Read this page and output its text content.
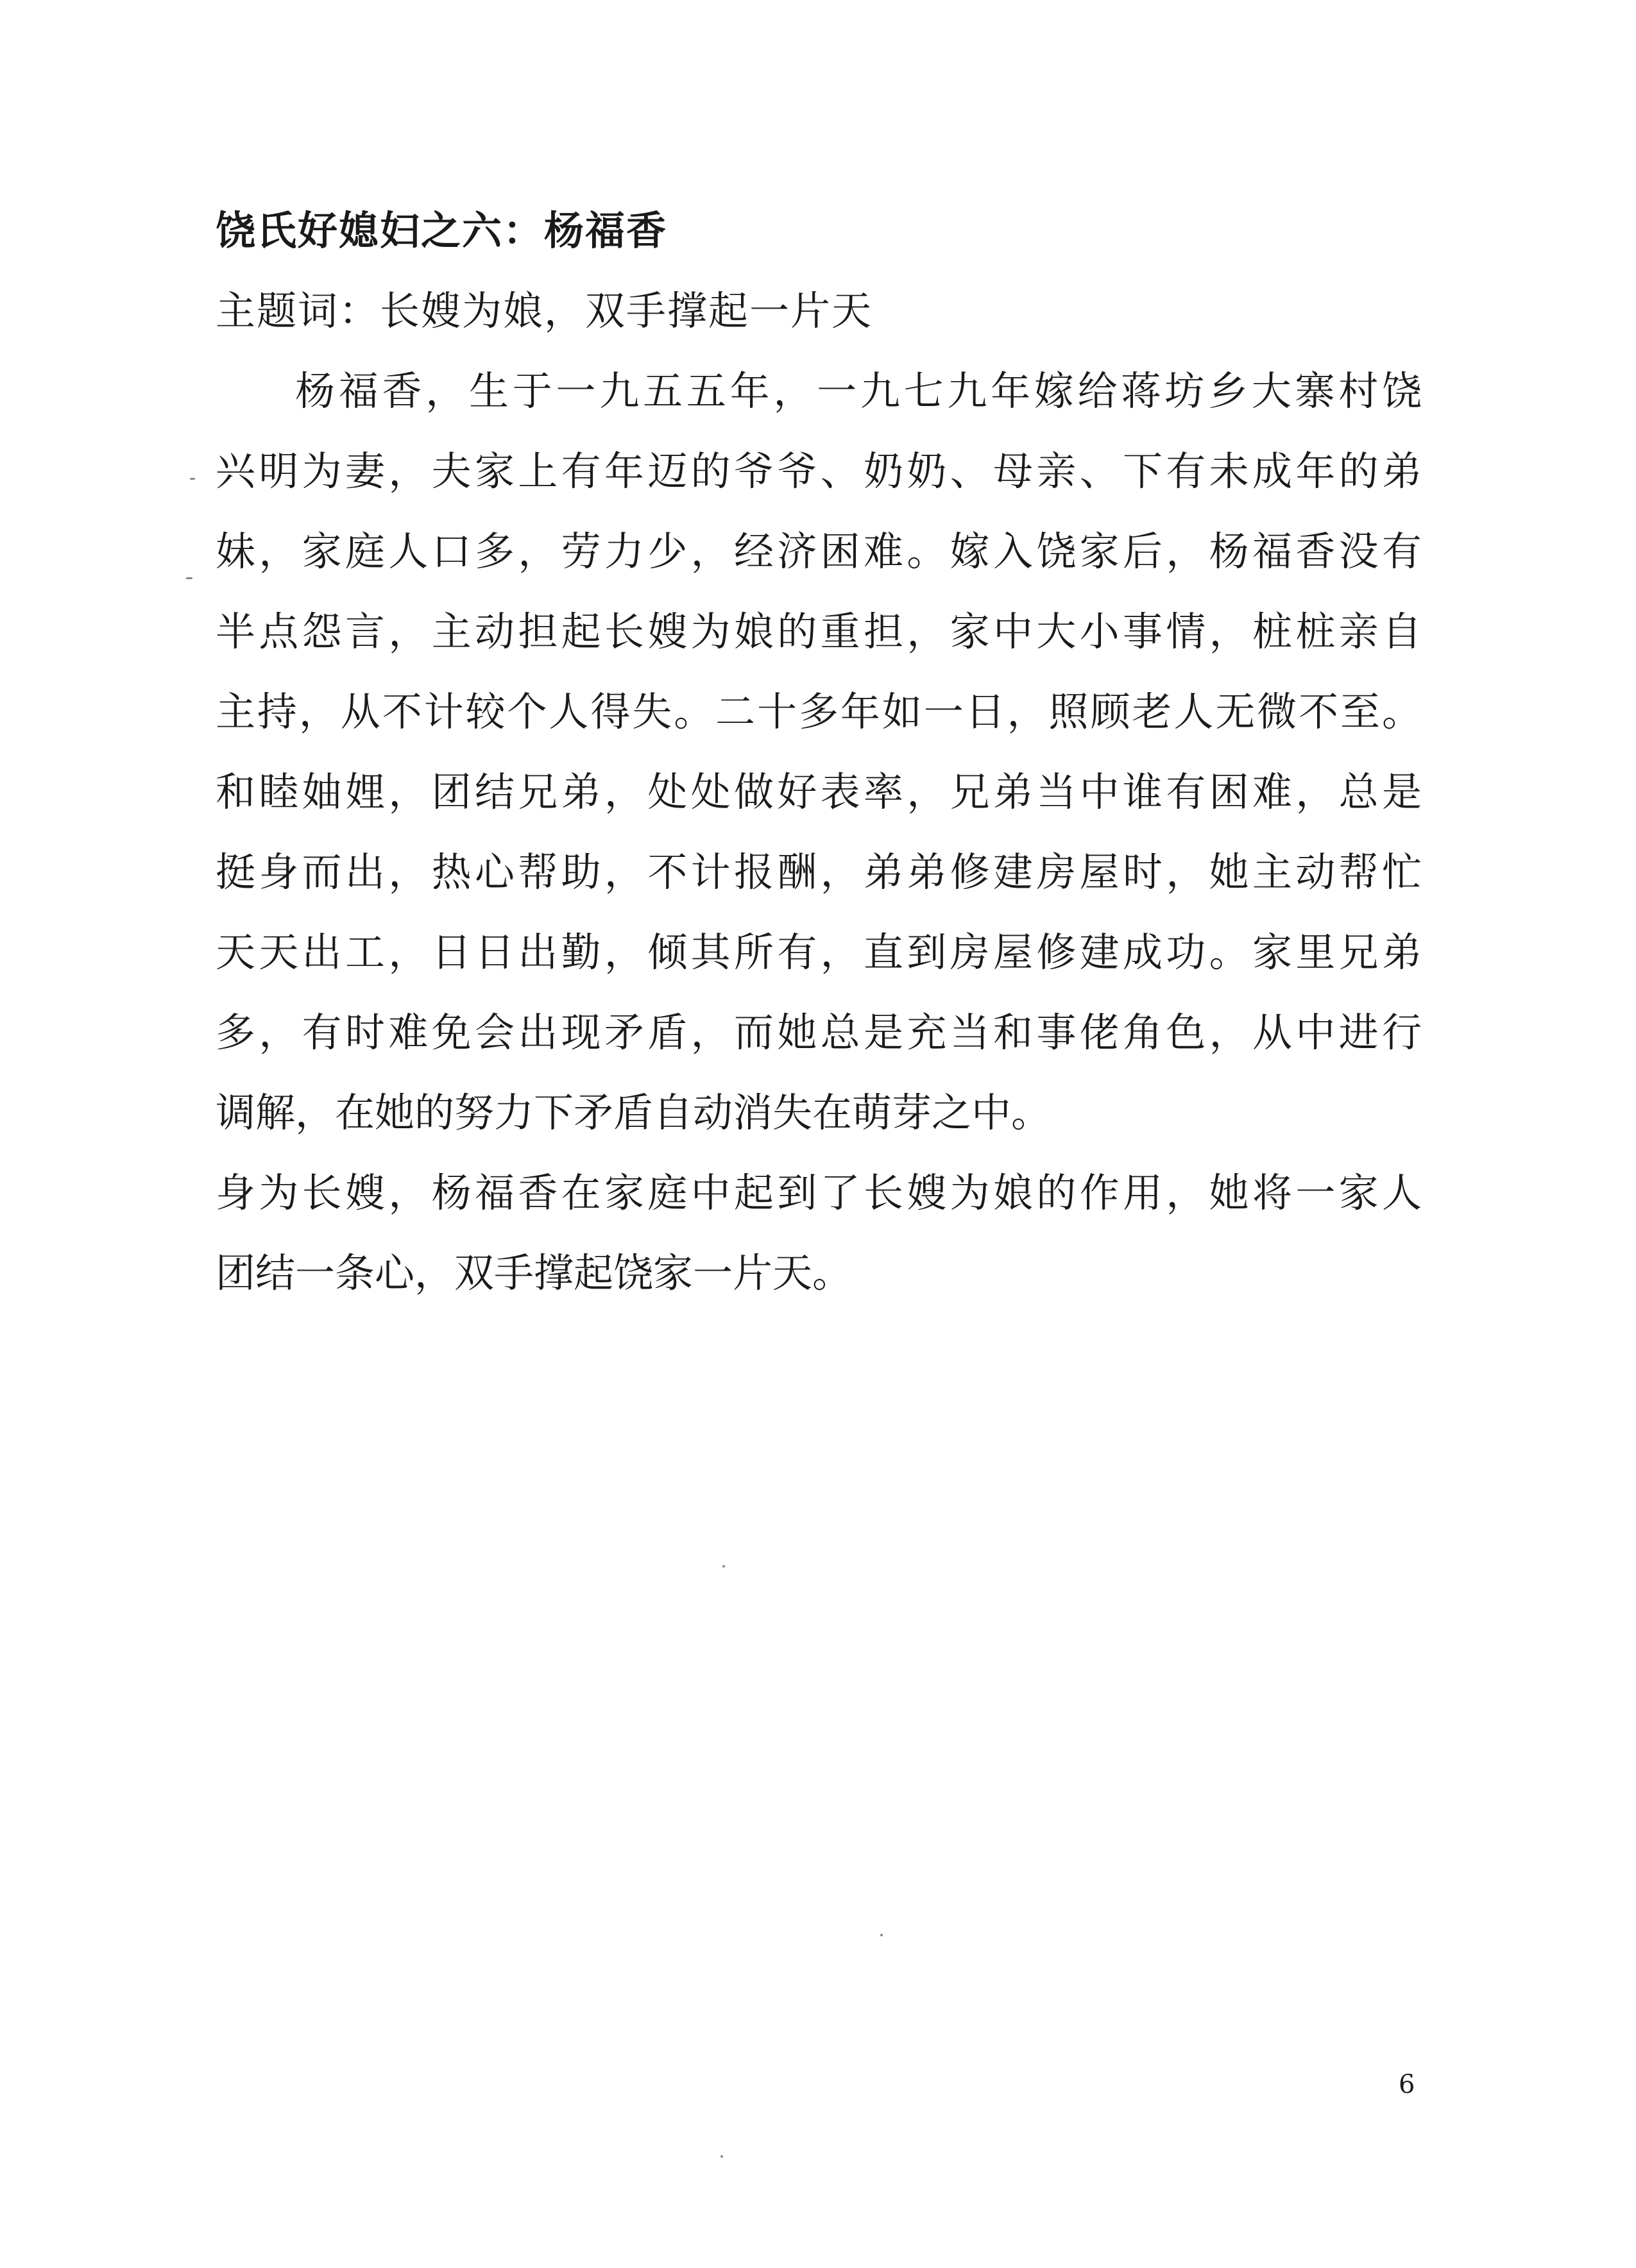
饶氏好媳妇之六：杨福香
主题词：长嫂为娘，双手撑起一片天
杨福香，生于一九五五年，一九七九年嫁给蒋坊乡大寨村饶
兴明为妻，夫家上有年迈的爷爷、奶奶、母亲、下有未成年的弟
妹，家庭人口多，劳力少，经济困难。嫁入饶家后，杨福香没有
半点怨言，主动担起长嫂为娘的重担，家中大小事情，桩桩亲自
主持，从不计较个人得失。二十多年如一日，照顾老人无微不至。
和睦妯娌，团结兄弟，处处做好表率，兄弟当中谁有困难，总是
挺身而出，热心帮助，不计报酬，弟弟修建房屋时，她主动帮忙
天天出工，日日出勤，倾其所有，直到房屋修建成功。家里兄弟
多，有时难免会出现矛盾，而她总是充当和事佬角色，从中进行
调解，在她的努力下矛盾自动消失在萌芽之中。
身为长嫂，杨福香在家庭中起到了长嫂为娘的作用，她将一家人
团结一条心，双手撑起饶家一片天。
6
